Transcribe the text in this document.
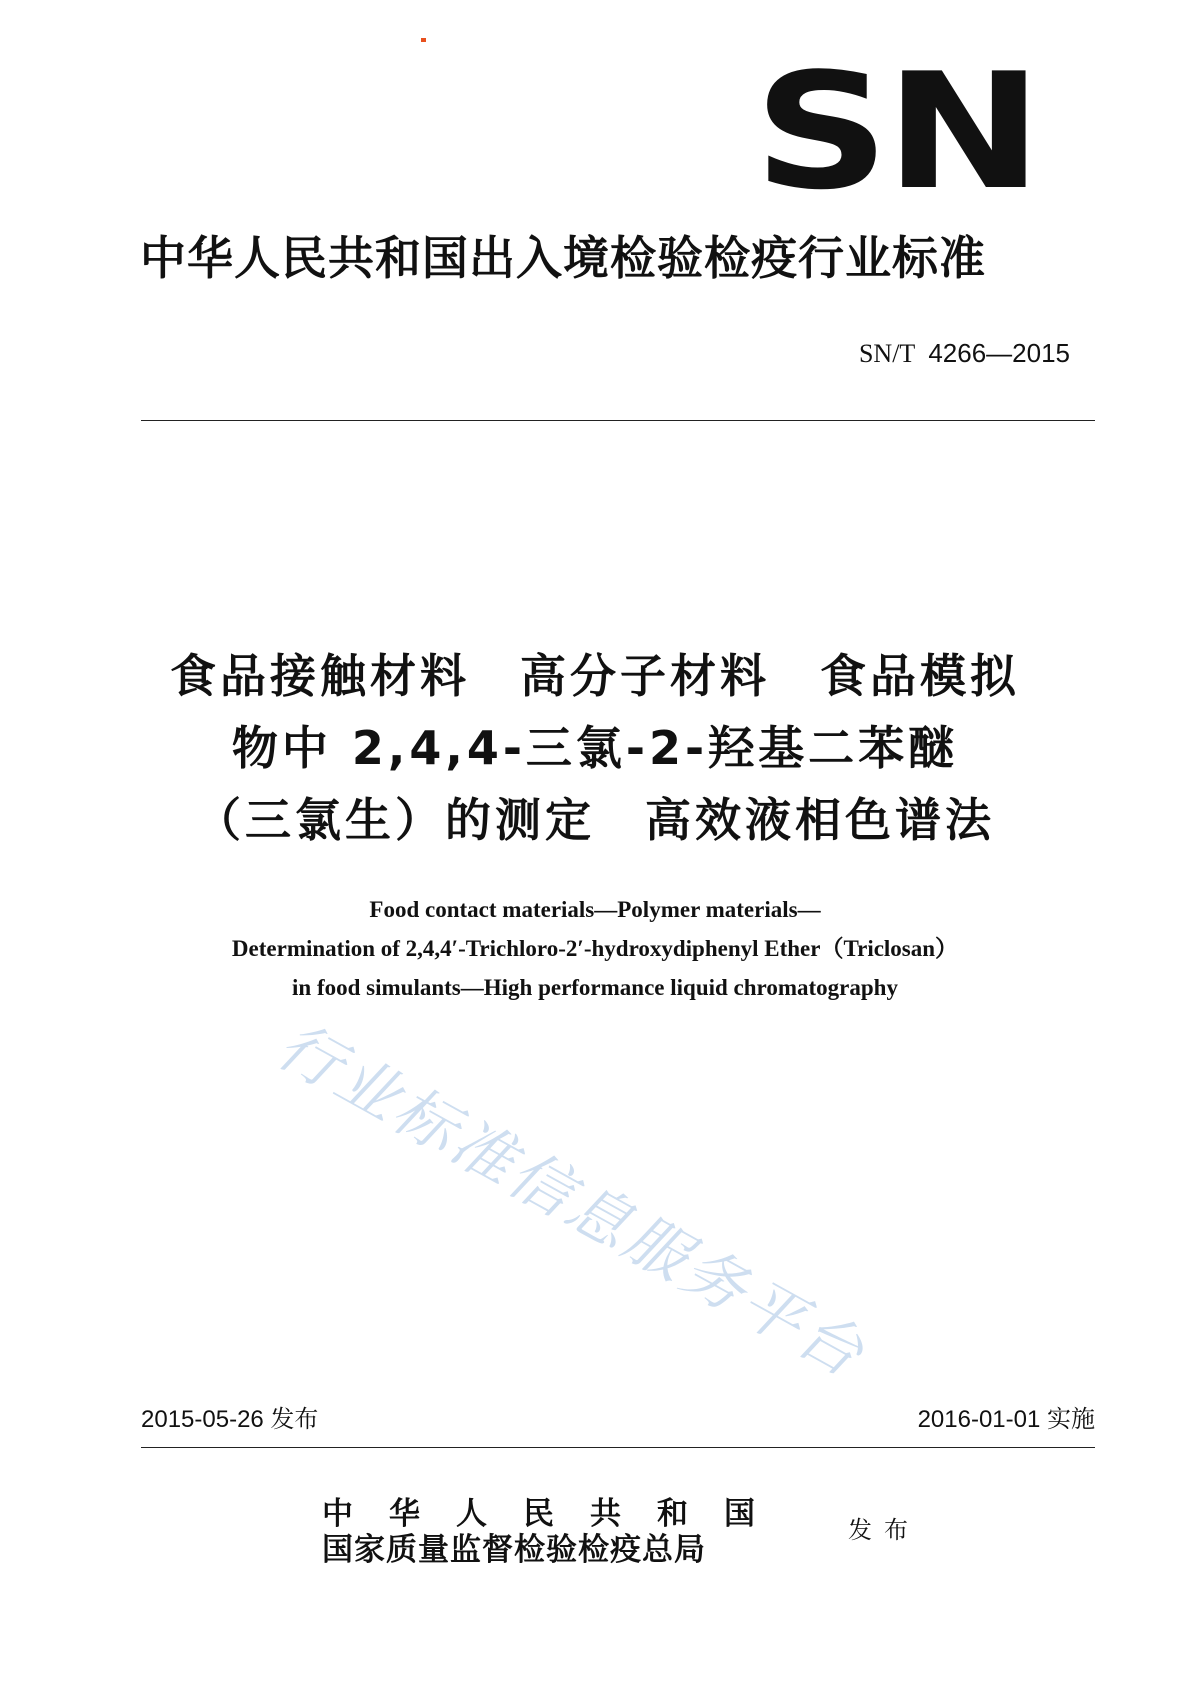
SN
中华人民共和国出入境检验检疫行业标准
SN/T 4266—2015
食品接触材料　高分子材料　食品模拟
物中 2,4,4-三氯-2-羟基二苯醚
（三氯生）的测定　高效液相色谱法
Food contact materials—Polymer materials—
Determination of 2,4,4′-Trichloro-2′-hydroxydiphenyl Ether（Triclosan）
in food simulants—High performance liquid chromatography
行业标准信息服务平台
2015-05-26 发布	2016-01-01 实施
中华人民共和国
国家质量监督检验检疫总局
发布
